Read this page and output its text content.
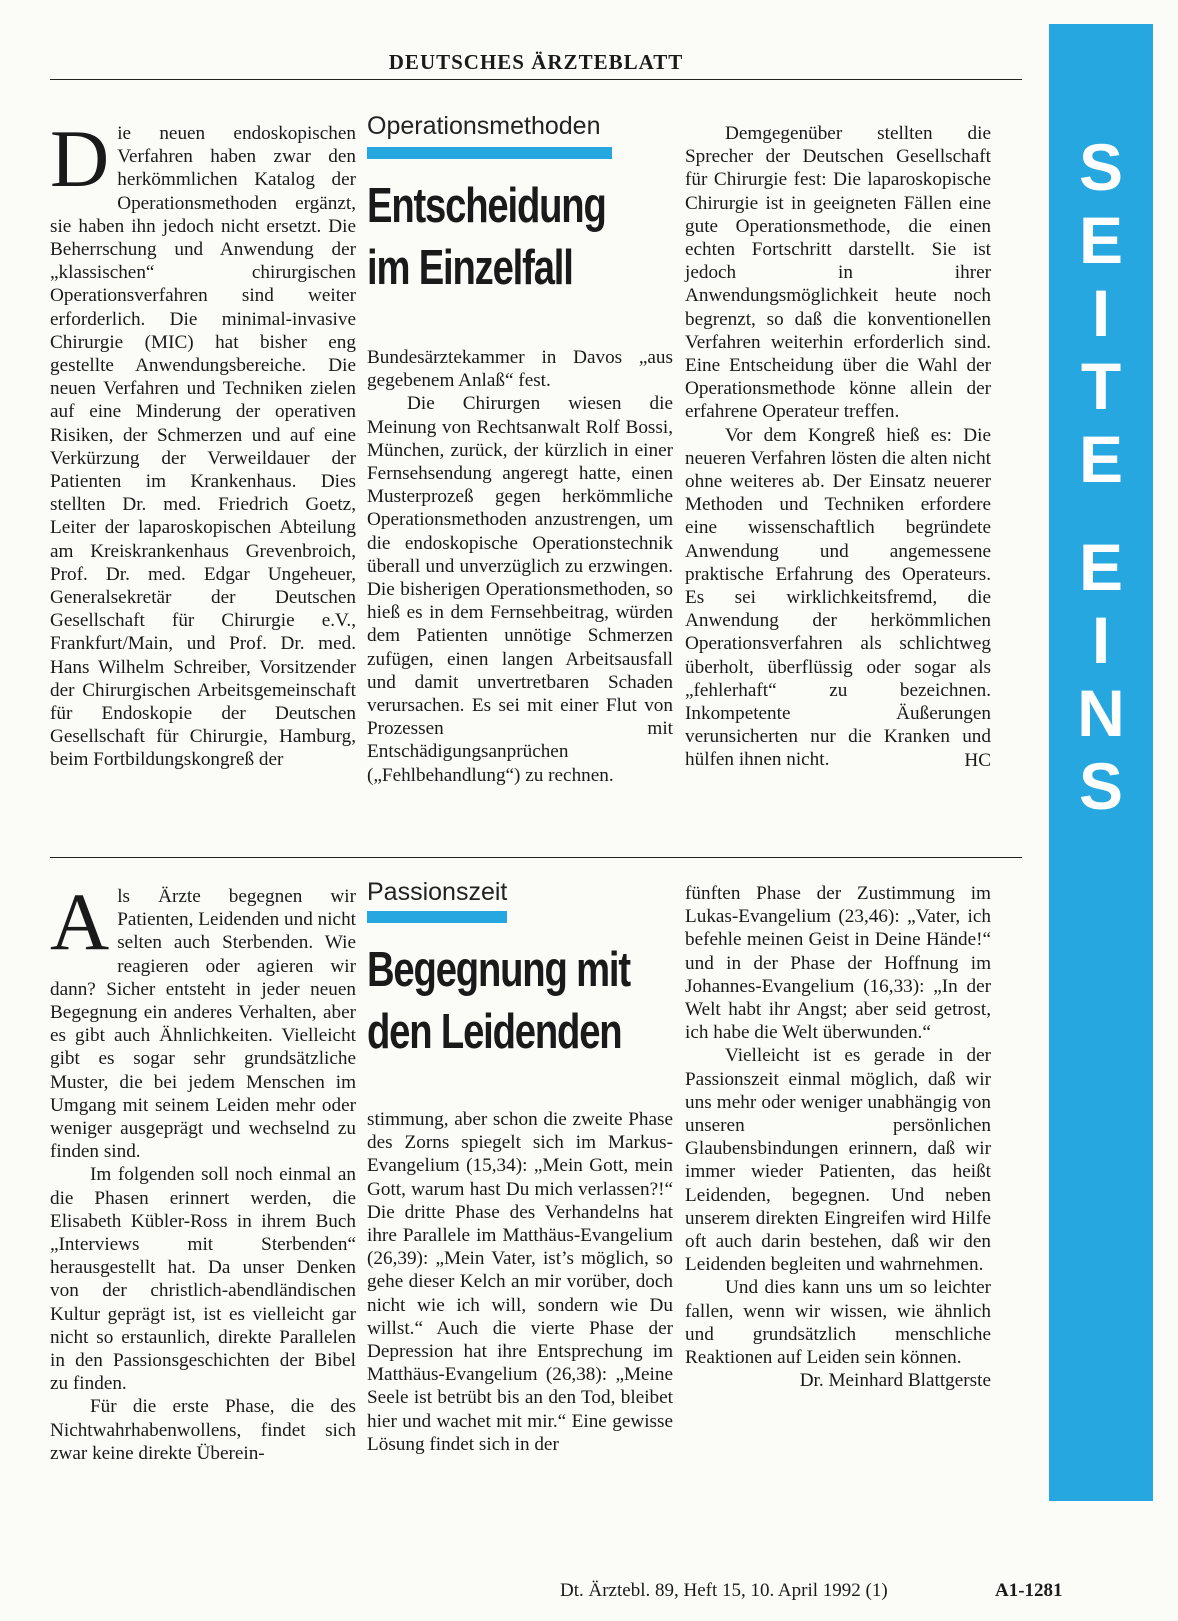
DEUTSCHES ÄRZTEBLATT
S
E
I
T
E
E
I
N
S

Die neuen endoskopischen Verfahren haben zwar den herkömmlichen Katalog der Operationsmethoden ergänzt, sie haben ihn jedoch nicht ersetzt. Die Beherrschung und Anwendung der „klassischen“ chirurgischen Operationsverfahren sind weiter erforderlich. Die minimal-invasive Chirurgie (MIC) hat bisher eng gestellte Anwendungsbereiche. Die neuen Verfahren und Techniken zielen auf eine Minderung der operativen Risiken, der Schmerzen und auf eine Verkürzung der Verweildauer der Patienten im Krankenhaus. Dies stellten Dr. med. Friedrich Goetz, Leiter der laparoskopischen Abteilung am Kreiskrankenhaus Grevenbroich, Prof. Dr. med. Edgar Ungeheuer, Generalsekretär der Deutschen Gesellschaft für Chirurgie e.V., Frankfurt/Main, und Prof. Dr. med. Hans Wilhelm Schreiber, Vorsitzender der Chirurgischen Arbeitsgemeinschaft für Endoskopie der Deutschen Gesellschaft für Chirurgie, Hamburg, beim Fortbildungskongreß der

Operationsmethoden
Entscheidung
im Einzelfall

Bundesärztekammer in Davos „aus gegebenem Anlaß“ fest.

Die Chirurgen wiesen die Meinung von Rechtsanwalt Rolf Bossi, München, zurück, der kürzlich in einer Fernsehsendung angeregt hatte, einen Musterprozeß gegen herkömmliche Operationsmethoden anzustrengen, um die endoskopische Operationstechnik überall und unverzüglich zu erzwingen. Die bisherigen Operationsmethoden, so hieß es in dem Fernsehbeitrag, würden dem Patienten unnötige Schmerzen zufügen, einen langen Arbeitsausfall und damit unvertretbaren Schaden verursachen. Es sei mit einer Flut von Prozessen mit Entschädigungsanprüchen („Fehlbehandlung“) zu rechnen.

Demgegenüber stellten die Sprecher der Deutschen Gesellschaft für Chirurgie fest: Die laparoskopische Chirurgie ist in geeigneten Fällen eine gute Operationsmethode, die einen echten Fortschritt darstellt. Sie ist jedoch in ihrer Anwendungsmöglichkeit heute noch begrenzt, so daß die konventionellen Verfahren weiterhin erforderlich sind. Eine Entscheidung über die Wahl der Operationsmethode könne allein der erfahrene Operateur treffen.

Vor dem Kongreß hieß es: Die neueren Verfahren lösten die alten nicht ohne weiteres ab. Der Einsatz neuerer Methoden und Techniken erfordere eine wissenschaftlich begründete Anwendung und angemessene praktische Erfahrung des Operateurs. Es sei wirklichkeitsfremd, die Anwendung der herkömmlichen Operationsverfahren als schlichtweg überholt, überflüssig oder sogar als „fehlerhaft“ zu bezeichnen. Inkompetente Äußerungen verunsicherten nur die Kranken und hülfen ihnen nicht.	HC

Als Ärzte begegnen wir Patienten, Leidenden und nicht selten auch Sterbenden. Wie reagieren oder agieren wir dann? Sicher entsteht in jeder neuen Begegnung ein anderes Verhalten, aber es gibt auch Ähnlichkeiten. Vielleicht gibt es sogar sehr grundsätzliche Muster, die bei jedem Menschen im Umgang mit seinem Leiden mehr oder weniger ausgeprägt und wechselnd zu finden sind.

Im folgenden soll noch einmal an die Phasen erinnert werden, die Elisabeth Kübler-Ross in ihrem Buch „Interviews mit Sterbenden“ herausgestellt hat. Da unser Denken von der christlich-abendländischen Kultur geprägt ist, ist es vielleicht gar nicht so erstaunlich, direkte Parallelen in den Passionsgeschichten der Bibel zu finden.

Für die erste Phase, die des Nichtwahrhabenwollens, findet sich zwar keine direkte Überein-

Passionszeit
Begegnung mit
den Leidenden

stimmung, aber schon die zweite Phase des Zorns spiegelt sich im Markus-Evangelium (15,34): „Mein Gott, mein Gott, warum hast Du mich verlassen?!“ Die dritte Phase des Verhandelns hat ihre Parallele im Matthäus-Evangelium (26,39): „Mein Vater, ist’s möglich, so gehe dieser Kelch an mir vorüber, doch nicht wie ich will, sondern wie Du willst.“ Auch die vierte Phase der Depression hat ihre Entsprechung im Matthäus-Evangelium (26,38): „Meine Seele ist betrübt bis an den Tod, bleibet hier und wachet mit mir.“ Eine gewisse Lösung findet sich in der

fünften Phase der Zustimmung im Lukas-Evangelium (23,46): „Vater, ich befehle meinen Geist in Deine Hände!“ und in der Phase der Hoffnung im Johannes-Evangelium (16,33): „In der Welt habt ihr Angst; aber seid getrost, ich habe die Welt überwunden.“

Vielleicht ist es gerade in der Passionszeit einmal möglich, daß wir uns mehr oder weniger unabhängig von unseren persönlichen Glaubensbindungen erinnern, daß wir immer wieder Patienten, das heißt Leidenden, begegnen. Und neben unserem direkten Eingreifen wird Hilfe oft auch darin bestehen, daß wir den Leidenden begleiten und wahrnehmen.

Und dies kann uns um so leichter fallen, wenn wir wissen, wie ähnlich und grundsätzlich menschliche Reaktionen auf Leiden sein können.

Dr. Meinhard Blattgerste

Dt. Ärztebl. 89, Heft 15, 10. April 1992 (1)	A1-1281
